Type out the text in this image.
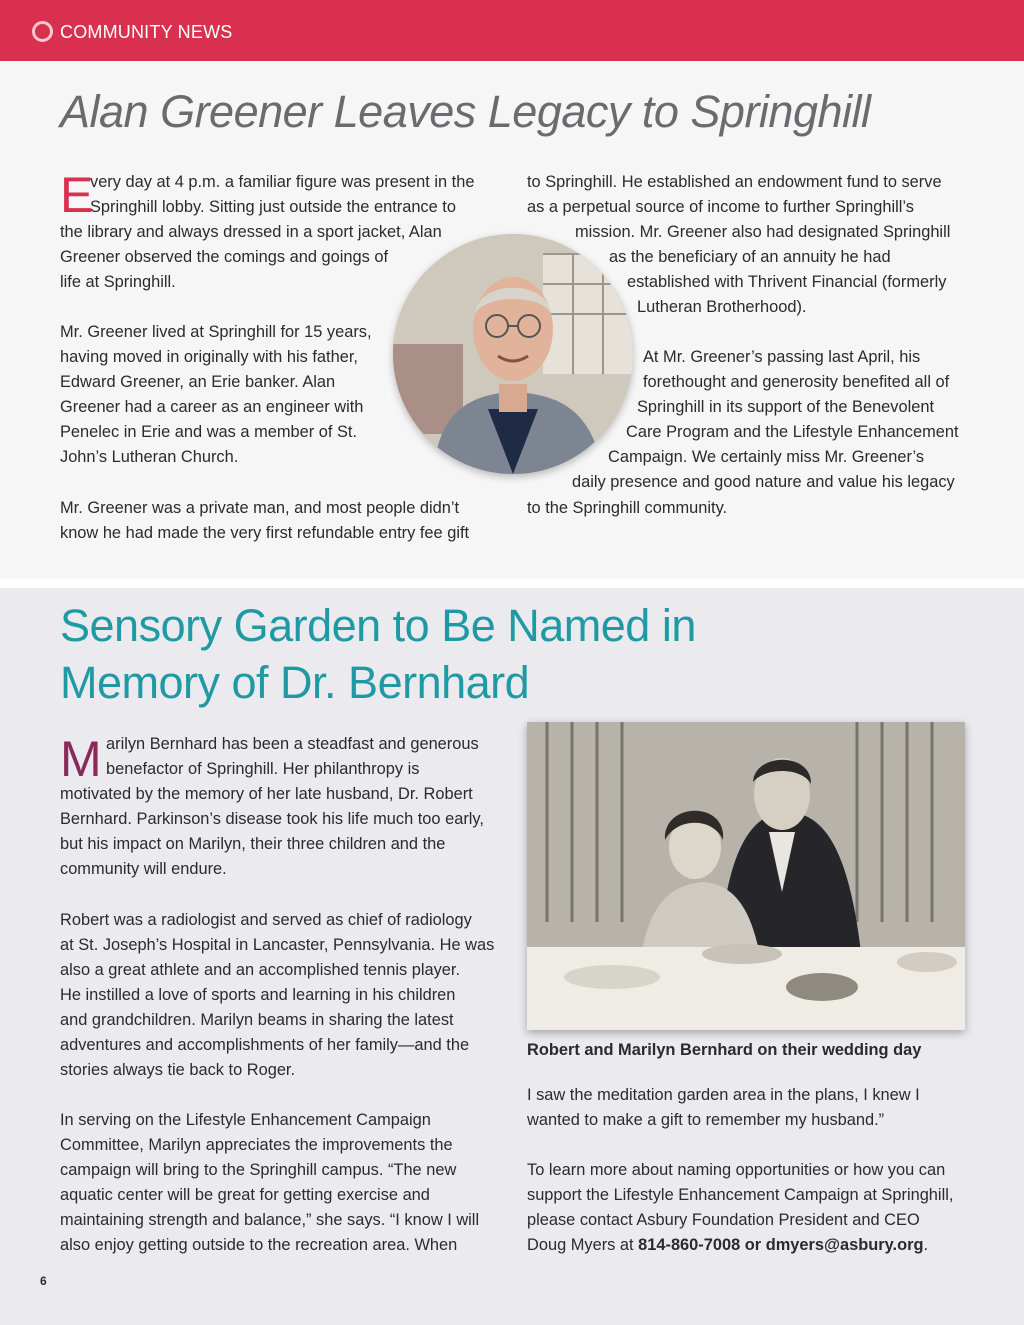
COMMUNITY NEWS
Alan Greener Leaves Legacy to Springhill
E
very day at 4 p.m. a familiar figure was present in the
Springhill lobby. Sitting just outside the entrance to
the library and always dressed in a sport jacket, Alan
Greener observed the comings and goings of
life at Springhill.
Mr. Greener lived at Springhill for 15 years,
having moved in originally with his father,
Edward Greener, an Erie banker. Alan
Greener had a career as an engineer with
Penelec in Erie and was a member of St.
John’s Lutheran Church.
Mr. Greener was a private man, and most people didn’t
know he had made the very first refundable entry fee gift
to Springhill. He established an endowment fund to serve
as a perpetual source of income to further Springhill’s
mission. Mr. Greener also had designated Springhill
as the beneficiary of an annuity he had
established with Thrivent Financial (formerly
Lutheran Brotherhood).
At Mr. Greener’s passing last April, his
forethought and generosity benefited all of
Springhill in its support of the Benevolent
Care Program and the Lifestyle Enhancement
Campaign. We certainly miss Mr. Greener’s
daily presence and good nature and value his legacy
to the Springhill community.
Sensory Garden to Be Named in Memory of Dr. Bernhard
M arilyn Bernhard has been a steadfast and generous
benefactor of Springhill. Her philanthropy is
motivated by the memory of her late husband, Dr. Robert
Bernhard. Parkinson’s disease took his life much too early,
but his impact on Marilyn, their three children and the
community will endure.
Robert was a radiologist and served as chief of radiology
at St. Joseph’s Hospital in Lancaster, Pennsylvania. He was
also a great athlete and an accomplished tennis player.
He instilled a love of sports and learning in his children
and grandchildren. Marilyn beams in sharing the latest
adventures and accomplishments of her family—and the
stories always tie back to Roger.
In serving on the Lifestyle Enhancement Campaign
Committee, Marilyn appreciates the improvements the
campaign will bring to the Springhill campus. “The new
aquatic center will be great for getting exercise and
maintaining strength and balance,” she says. “I know I will
also enjoy getting outside to the recreation area. When
Robert and Marilyn Bernhard on their wedding day
I saw the meditation garden area in the plans, I knew I
wanted to make a gift to remember my husband.”
To learn more about naming opportunities or how you can
support the Lifestyle Enhancement Campaign at Springhill,
please contact Asbury Foundation President and CEO
Doug Myers at 814-860-7008 or dmyers@asbury.org.
6
